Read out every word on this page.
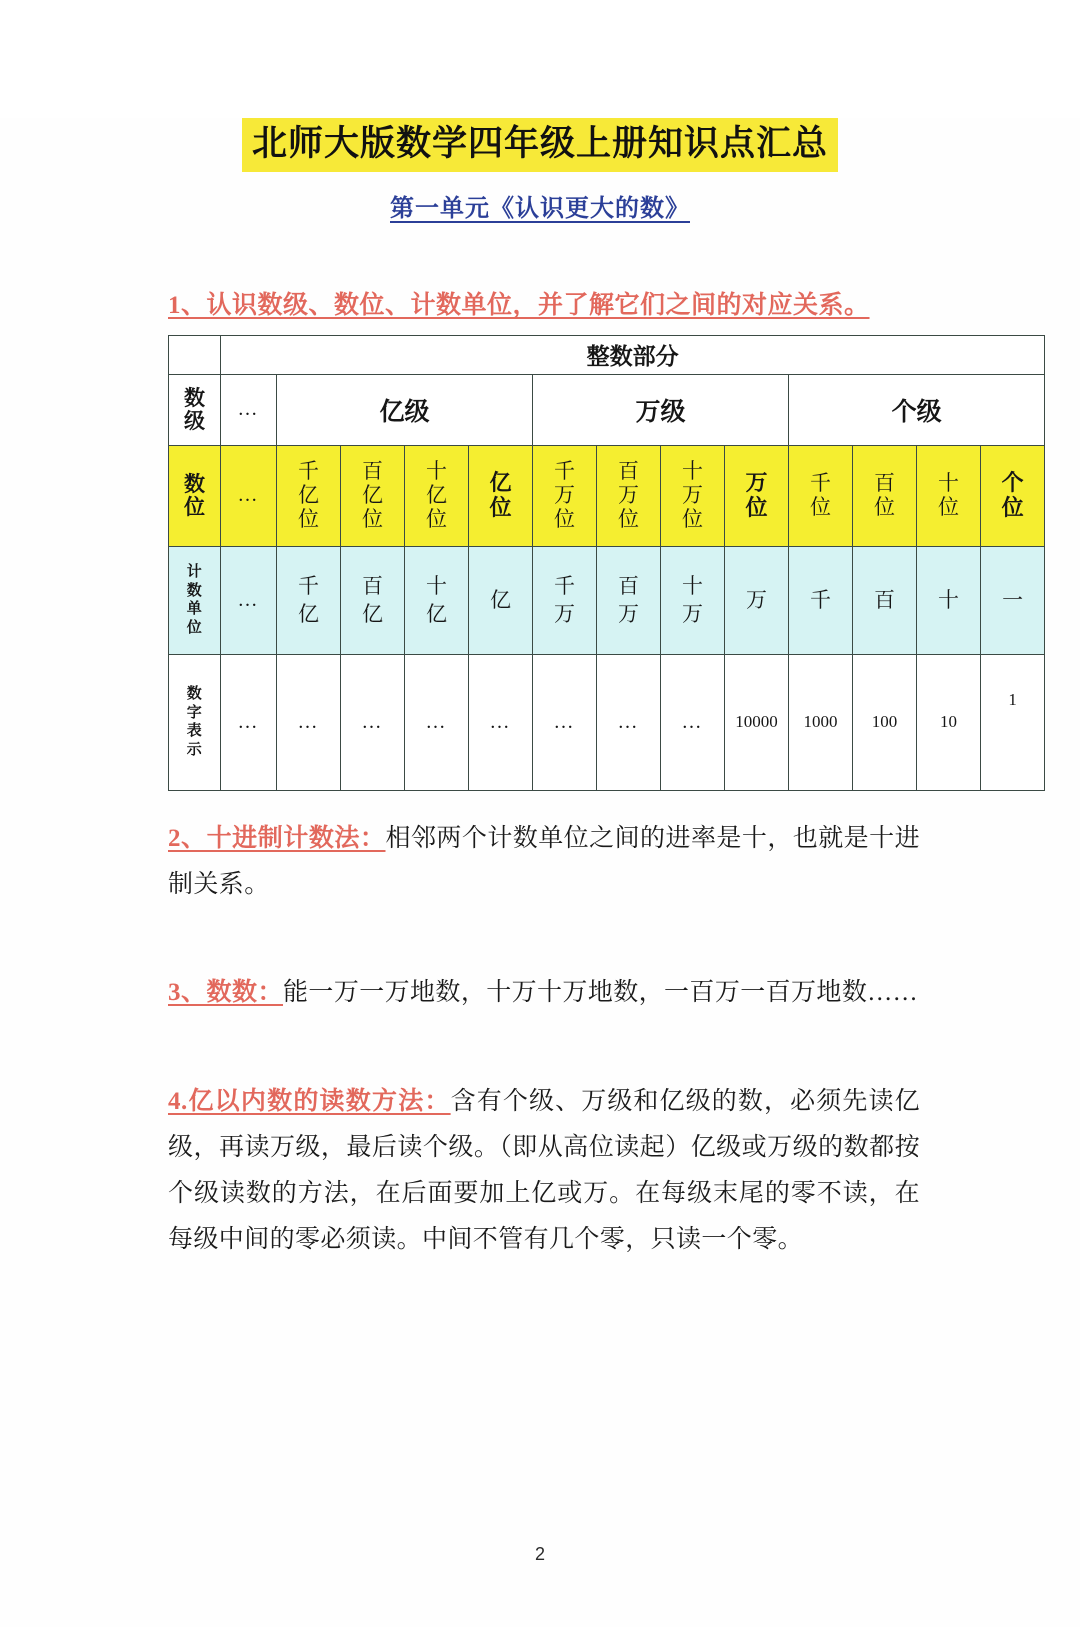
北师大版数学四年级上册知识点汇总
第一单元《认识更大的数》
1、认识数级、数位、计数单位，并了解它们之间的对应关系。
	整数部分												

数
级	…	亿级				万级				个级			

数
位	…	千
亿
位	百
亿
位	十
亿
位	亿
位	千
万
位	百
万
位	十
万
位	万
位	千
位	百
位	十
位	个
位

计
数
单
位	…	千
亿	百
亿	十
亿	亿	千
万	百
万	十
万	万	千	百	十	一

数
字
表
示	…	…	…	…	…	…	…	…	10000	1000	100	10	1

2、十进制计数法：相邻两个计数单位之间的进率是十，也就是十进制关系。

3、数数：能一万一万地数，十万十万地数，一百万一百万地数……

4.亿以内数的读数方法：含有个级、万级和亿级的数，必须先读亿级，再读万级，最后读个级。（即从高位读起）亿级或万级的数都按个级读数的方法，在后面要加上亿或万。在每级末尾的零不读，在每级中间的零必须读。中间不管有几个零，只读一个零。

2
